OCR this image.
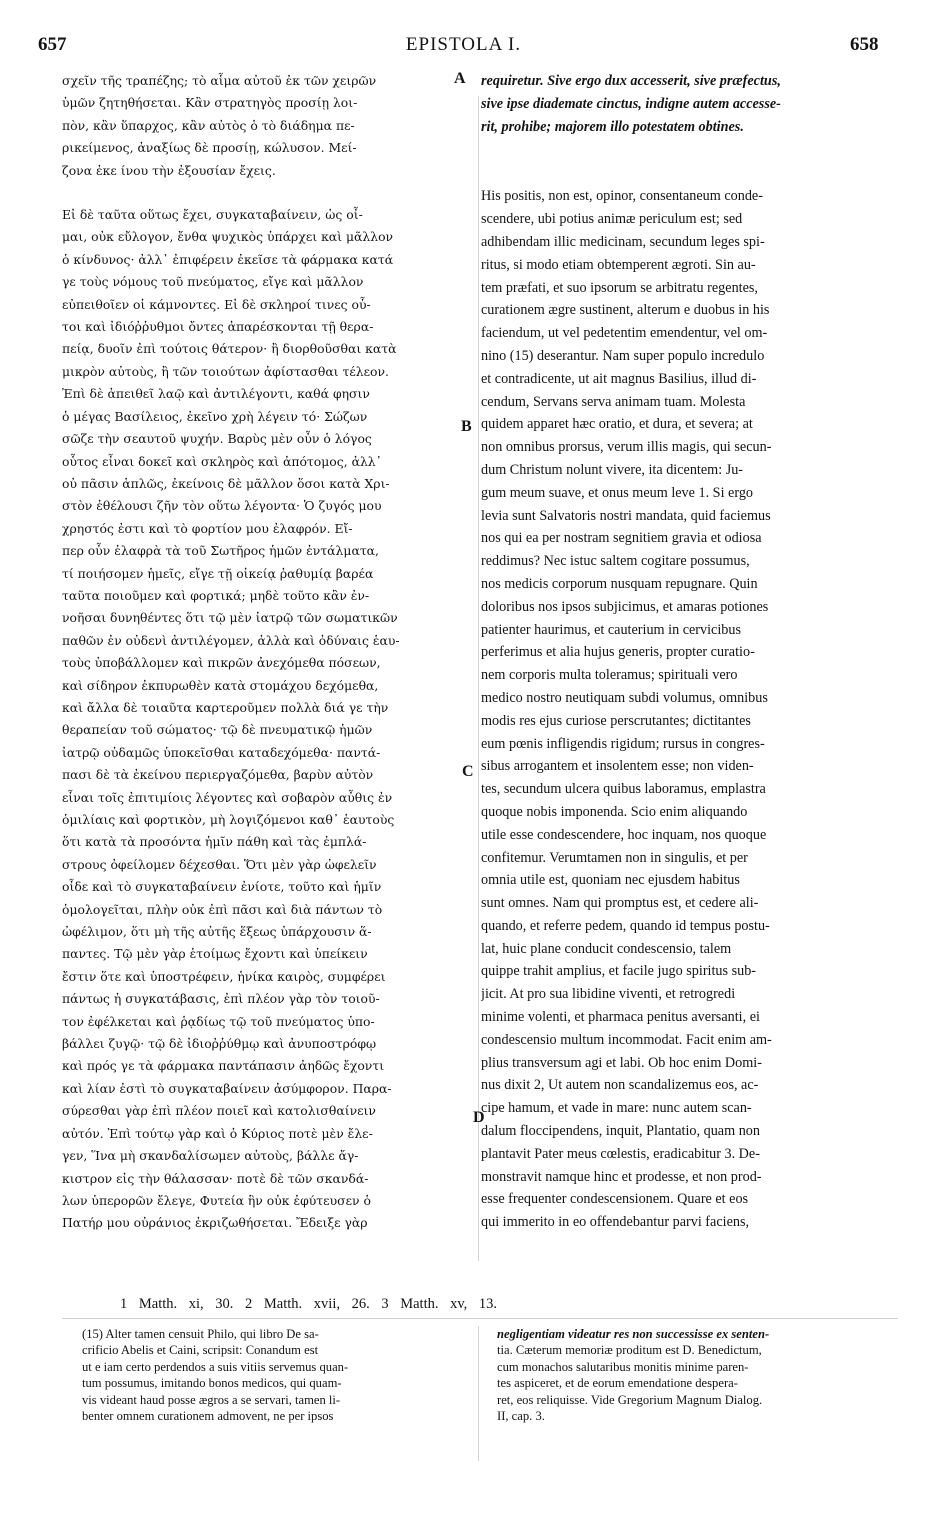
657	EPISTOLA I.	658
A
B
C
D
σχεῖν τῆς τραπέζης; τὸ αἷμα αὐτοῦ ἐκ τῶν χειρῶν
ὑμῶν ζητηθήσεται. Κἂν στρατηγὸς προσίῃ λοι-
πὸν, κἂν ὕπαρχος, κἂν αὐτὸς ὁ τὸ διάδημα πε-
ρικείμενος, ἀναξίως δὲ προσίῃ, κώλυσον. Μεί-
ζονα ἐκε ίνου τὴν ἐξουσίαν ἔχεις.
Εἰ δὲ ταῦτα οὕτως ἔχει, συγκαταβαίνειν, ὡς οἶ-
μαι, οὐκ εὔλογον, ἔνθα ψυχικὸς ὑπάρχει καὶ μᾶλλον
ὁ κίνδυνος· ἀλλ᾽ ἐπιφέρειν ἐκεῖσε τὰ φάρμακα κατά
γε τοὺς νόμους τοῦ πνεύματος, εἴγε καὶ μᾶλλον
εὐπειθοῖεν οἱ κάμνοντες. Εἰ δὲ σκληροί τινες οὗ-
τοι καὶ ἰδιόῤῥυθμοι ὄντες ἀπαρέσκονται τῇ θερα-
πείᾳ, δυοῖν ἐπὶ τούτοις θάτερον· ἢ διορθοῦσθαι κατὰ
μικρὸν αὐτοὺς, ἢ τῶν τοιούτων ἀφίστασθαι τέλεον.
Ἐπὶ δὲ ἀπειθεῖ λαῷ καὶ ἀντιλέγοντι, καθά φησιν
ὁ μέγας Βασίλειος, ἐκεῖνο χρὴ λέγειν τό· Σώζων
σῶζε τὴν σεαυτοῦ ψυχήν. Βαρὺς μὲν οὖν ὁ λόγος
οὗτος εἶναι δοκεῖ καὶ σκληρὸς καὶ ἀπότομος, ἀλλ᾽
οὐ πᾶσιν ἁπλῶς, ἐκείνοις δὲ μᾶλλον ὅσοι κατὰ Χρι-
στὸν ἐθέλουσι ζῆν τὸν οὕτω λέγοντα· Ὁ ζυγός μου
χρηστός ἐστι καὶ τὸ φορτίον μου ἐλαφρόν. Εἴ-
περ οὖν ἐλαφρὰ τὰ τοῦ Σωτῆρος ἡμῶν ἐντάλματα,
τί ποιήσομεν ἡμεῖς, εἴγε τῇ οἰκείᾳ ῥαθυμίᾳ βαρέα
ταῦτα ποιοῦμεν καὶ φορτικά; μηδὲ τοῦτο κἂν ἐν-
νοῆσαι δυνηθέντες ὅτι τῷ μὲν ἰατρῷ τῶν σωματικῶν
παθῶν ἐν οὐδενὶ ἀντιλέγομεν, ἀλλὰ καὶ ὀδύναις ἑαυ-
τοὺς ὑποβάλλομεν καὶ πικρῶν ἀνεχόμεθα πόσεων,
καὶ σίδηρον ἐκπυρωθὲν κατὰ στομάχου δεχόμεθα,
καὶ ἄλλα δὲ τοιαῦτα καρτεροῦμεν πολλὰ διά γε τὴν
θεραπείαν τοῦ σώματος· τῷ δὲ πνευματικῷ ἡμῶν
ἰατρῷ οὐδαμῶς ὑποκεῖσθαι καταδεχόμεθα· παντά-
πασι δὲ τὰ ἐκείνου περιεργαζόμεθα, βαρὺν αὐτὸν
εἶναι τοῖς ἐπιτιμίοις λέγοντες καὶ σοβαρὸν αὖθις ἐν
ὁμιλίαις καὶ φορτικὸν, μὴ λογιζόμενοι καθ᾽ ἑαυτοὺς
ὅτι κατὰ τὰ προσόντα ἡμῖν πάθη καὶ τὰς ἐμπλά-
στρους ὀφείλομεν δέχεσθαι. Ὅτι μὲν γὰρ ὠφελεῖν
οἶδε καὶ τὸ συγκαταβαίνειν ἐνίοτε, τοῦτο καὶ ἡμῖν
ὁμολογεῖται, πλὴν οὐκ ἐπὶ πᾶσι καὶ διὰ πάντων τὸ
ὠφέλιμον, ὅτι μὴ τῆς αὐτῆς ἕξεως ὑπάρχουσιν ἅ-
παντες. Τῷ μὲν γὰρ ἑτοίμως ἔχοντι καὶ ὑπείκειν
ἔστιν ὅτε καὶ ὑποστρέφειν, ἡνίκα καιρὸς, συμφέρει
πάντως ἡ συγκατάβασις, ἐπὶ πλέον γὰρ τὸν τοιοῦ-
τον ἐφέλκεται καὶ ῥᾳδίως τῷ τοῦ πνεύματος ὑπο-
βάλλει ζυγῷ· τῷ δὲ ἰδιοῤῥύθμῳ καὶ ἀνυποστρόφῳ
καὶ πρός γε τὰ φάρμακα παντάπασιν ἀηδῶς ἔχοντι
καὶ λίαν ἐστὶ τὸ συγκαταβαίνειν ἀσύμφορον. Παρα-
σύρεσθαι γὰρ ἐπὶ πλέον ποιεῖ καὶ κατολισθαίνειν
αὐτόν. Ἐπὶ τούτῳ γὰρ καὶ ὁ Κύριος ποτὲ μὲν ἔλε-
γεν, Ἵνα μὴ σκανδαλίσωμεν αὐτοὺς, βάλλε ἄγ-
κιστρον εἰς τὴν θάλασσαν· ποτὲ δὲ τῶν σκανδά-
λων ὑπερορῶν ἔλεγε, Φυτεία ἣν οὐκ ἐφύτευσεν ὁ
Πατήρ μου οὐράνιος ἐκριζωθήσεται. Ἔδειξε γὰρ
requiretur. Sive ergo dux accesserit, sive præfectus,
sive ipse diademate cinctus, indigne autem accesse-
rit, prohibe; majorem illo potestatem obtines.
His positis, non est, opinor, consentaneum conde-
scendere, ubi potius animæ periculum est; sed
adhibendam illic medicinam, secundum leges spi-
ritus, si modo etiam obtemperent ægroti. Sin au-
tem præfati, et suo ipsorum se arbitratu regentes,
curationem ægre sustinent, alterum e duobus in his
faciendum, ut vel pedetentim emendentur, vel om-
nino (15) deserantur. Nam super populo incredulo
et contradicente, ut ait magnus Basilius, illud di-
cendum, Servans serva animam tuam. Molesta
quidem apparet hæc oratio, et dura, et severa; at
non omnibus prorsus, verum illis magis, qui secun-
dum Christum nolunt vivere, ita dicentem: Ju-
gum meum suave, et onus meum leve 1. Si ergo
levia sunt Salvatoris nostri mandata, quid faciemus
nos qui ea per nostram segnitiem gravia et odiosa
reddimus? Nec istuc saltem cogitare possumus,
nos medicis corporum nusquam repugnare. Quin
doloribus nos ipsos subjicimus, et amaras potiones
patienter haurimus, et cauterium in cervicibus
perferimus et alia hujus generis, propter curatio-
nem corporis multa toleramus; spirituali vero
medico nostro neutiquam subdi volumus, omnibus
modis res ejus curiose perscrutantes; dictitantes
eum pœnis infligendis rigidum; rursus in congres-
sibus arrogantem et insolentem esse; non viden-
tes, secundum ulcera quibus laboramus, emplastra
quoque nobis imponenda. Scio enim aliquando
utile esse condescendere, hoc inquam, nos quoque
confitemur. Verumtamen non in singulis, et per
omnia utile est, quoniam nec ejusdem habitus
sunt omnes. Nam qui promptus est, et cedere ali-
quando, et referre pedem, quando id tempus postu-
lat, huic plane conducit condescensio, talem
quippe trahit amplius, et facile jugo spiritus sub-
jicit. At pro sua libidine viventi, et retrogredi
minime volenti, et pharmaca penitus aversanti, ei
condescensio multum incommodat. Facit enim am-
plius transversum agi et labi. Ob hoc enim Domi-
nus dixit 2, Ut autem non scandalizemus eos, ac-
cipe hamum, et vade in mare: nunc autem scan-
dalum floccipendens, inquit, Plantatio, quam non
plantavit Pater meus cœlestis, eradicabitur 3. De-
monstravit namque hinc et prodesse, et non prod-
esse frequenter condescensionem. Quare et eos
qui immerito in eo offendebantur parvi faciens,
1 Matth. xi, 30. 2 Matth. xvii, 26. 3 Matth. xv, 13.
(15) Alter tamen censuit Philo, qui libro De sa-
crificio Abelis et Caini, scripsit: Conandum est
ut e iam certo perdendos a suis vitiis servemus quan-
tum possumus, imitando bonos medicos, qui quam-
vis videant haud posse ægros a se servari, tamen li-
benter omnem curationem admovent, ne per ipsos
negligentiam videatur res non successisse ex senten-
tia. Cæterum memoriæ proditum est D. Benedictum,
cum monachos salutaribus monitis minime paren-
tes aspiceret, et de eorum emendatione despera-
ret, eos reliquisse. Vide Gregorium Magnum Dialog.
II, cap. 3.
